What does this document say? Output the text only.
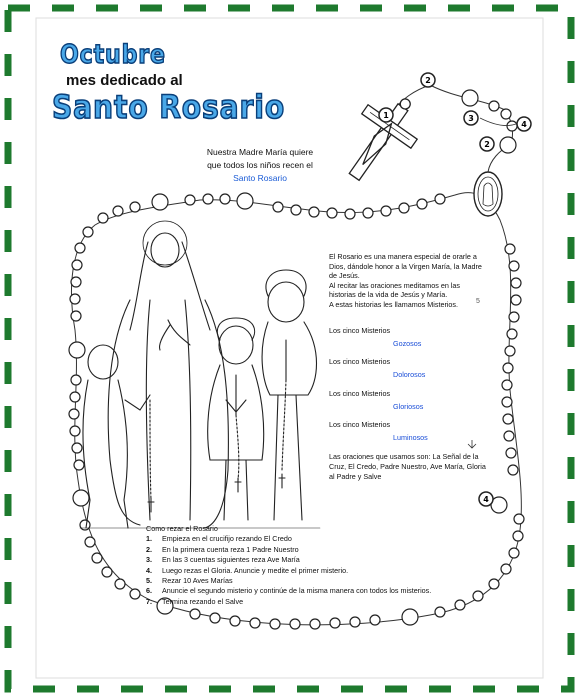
2
1	3
4
2
4
Octubre
mes dedicado al
Santo Rosario
Nuestra Madre María quiere
que todos los niños recen el
Santo Rosario

El Rosario es una manera especial de orarle a Dios, dándole honor a la Virgen María, la Madre de Jesús.

Al recitar las oraciones meditamos en las historias de la vida de Jesús y María.

A estas historias les llamamos Misterios.	5
Los cinco Misterios
Gozosos
Los cinco Misterios
Dolorosos
Los cinco Misterios
Gloriosos
Los cinco Misterios
Luminosos
Las oraciones que usamos son: La Señal de la Cruz, El Credo, Padre Nuestro, Ave María, Gloria al Padre y Salve
Como rezar el Rosario
1.	Empieza en el crucifijo rezando El Credo
2.	En la primera cuenta reza 1 Padre Nuestro
3.	En las 3 cuentas siguientes reza Ave María
4.	Luego rezas el Gloria. Anuncie y medite el primer misterio.
5.	Rezar 10 Aves Marías
6.	Anuncie el segundo misterio y continúe de la misma manera con todos los misterios.
7.	Termina rezando el Salve
